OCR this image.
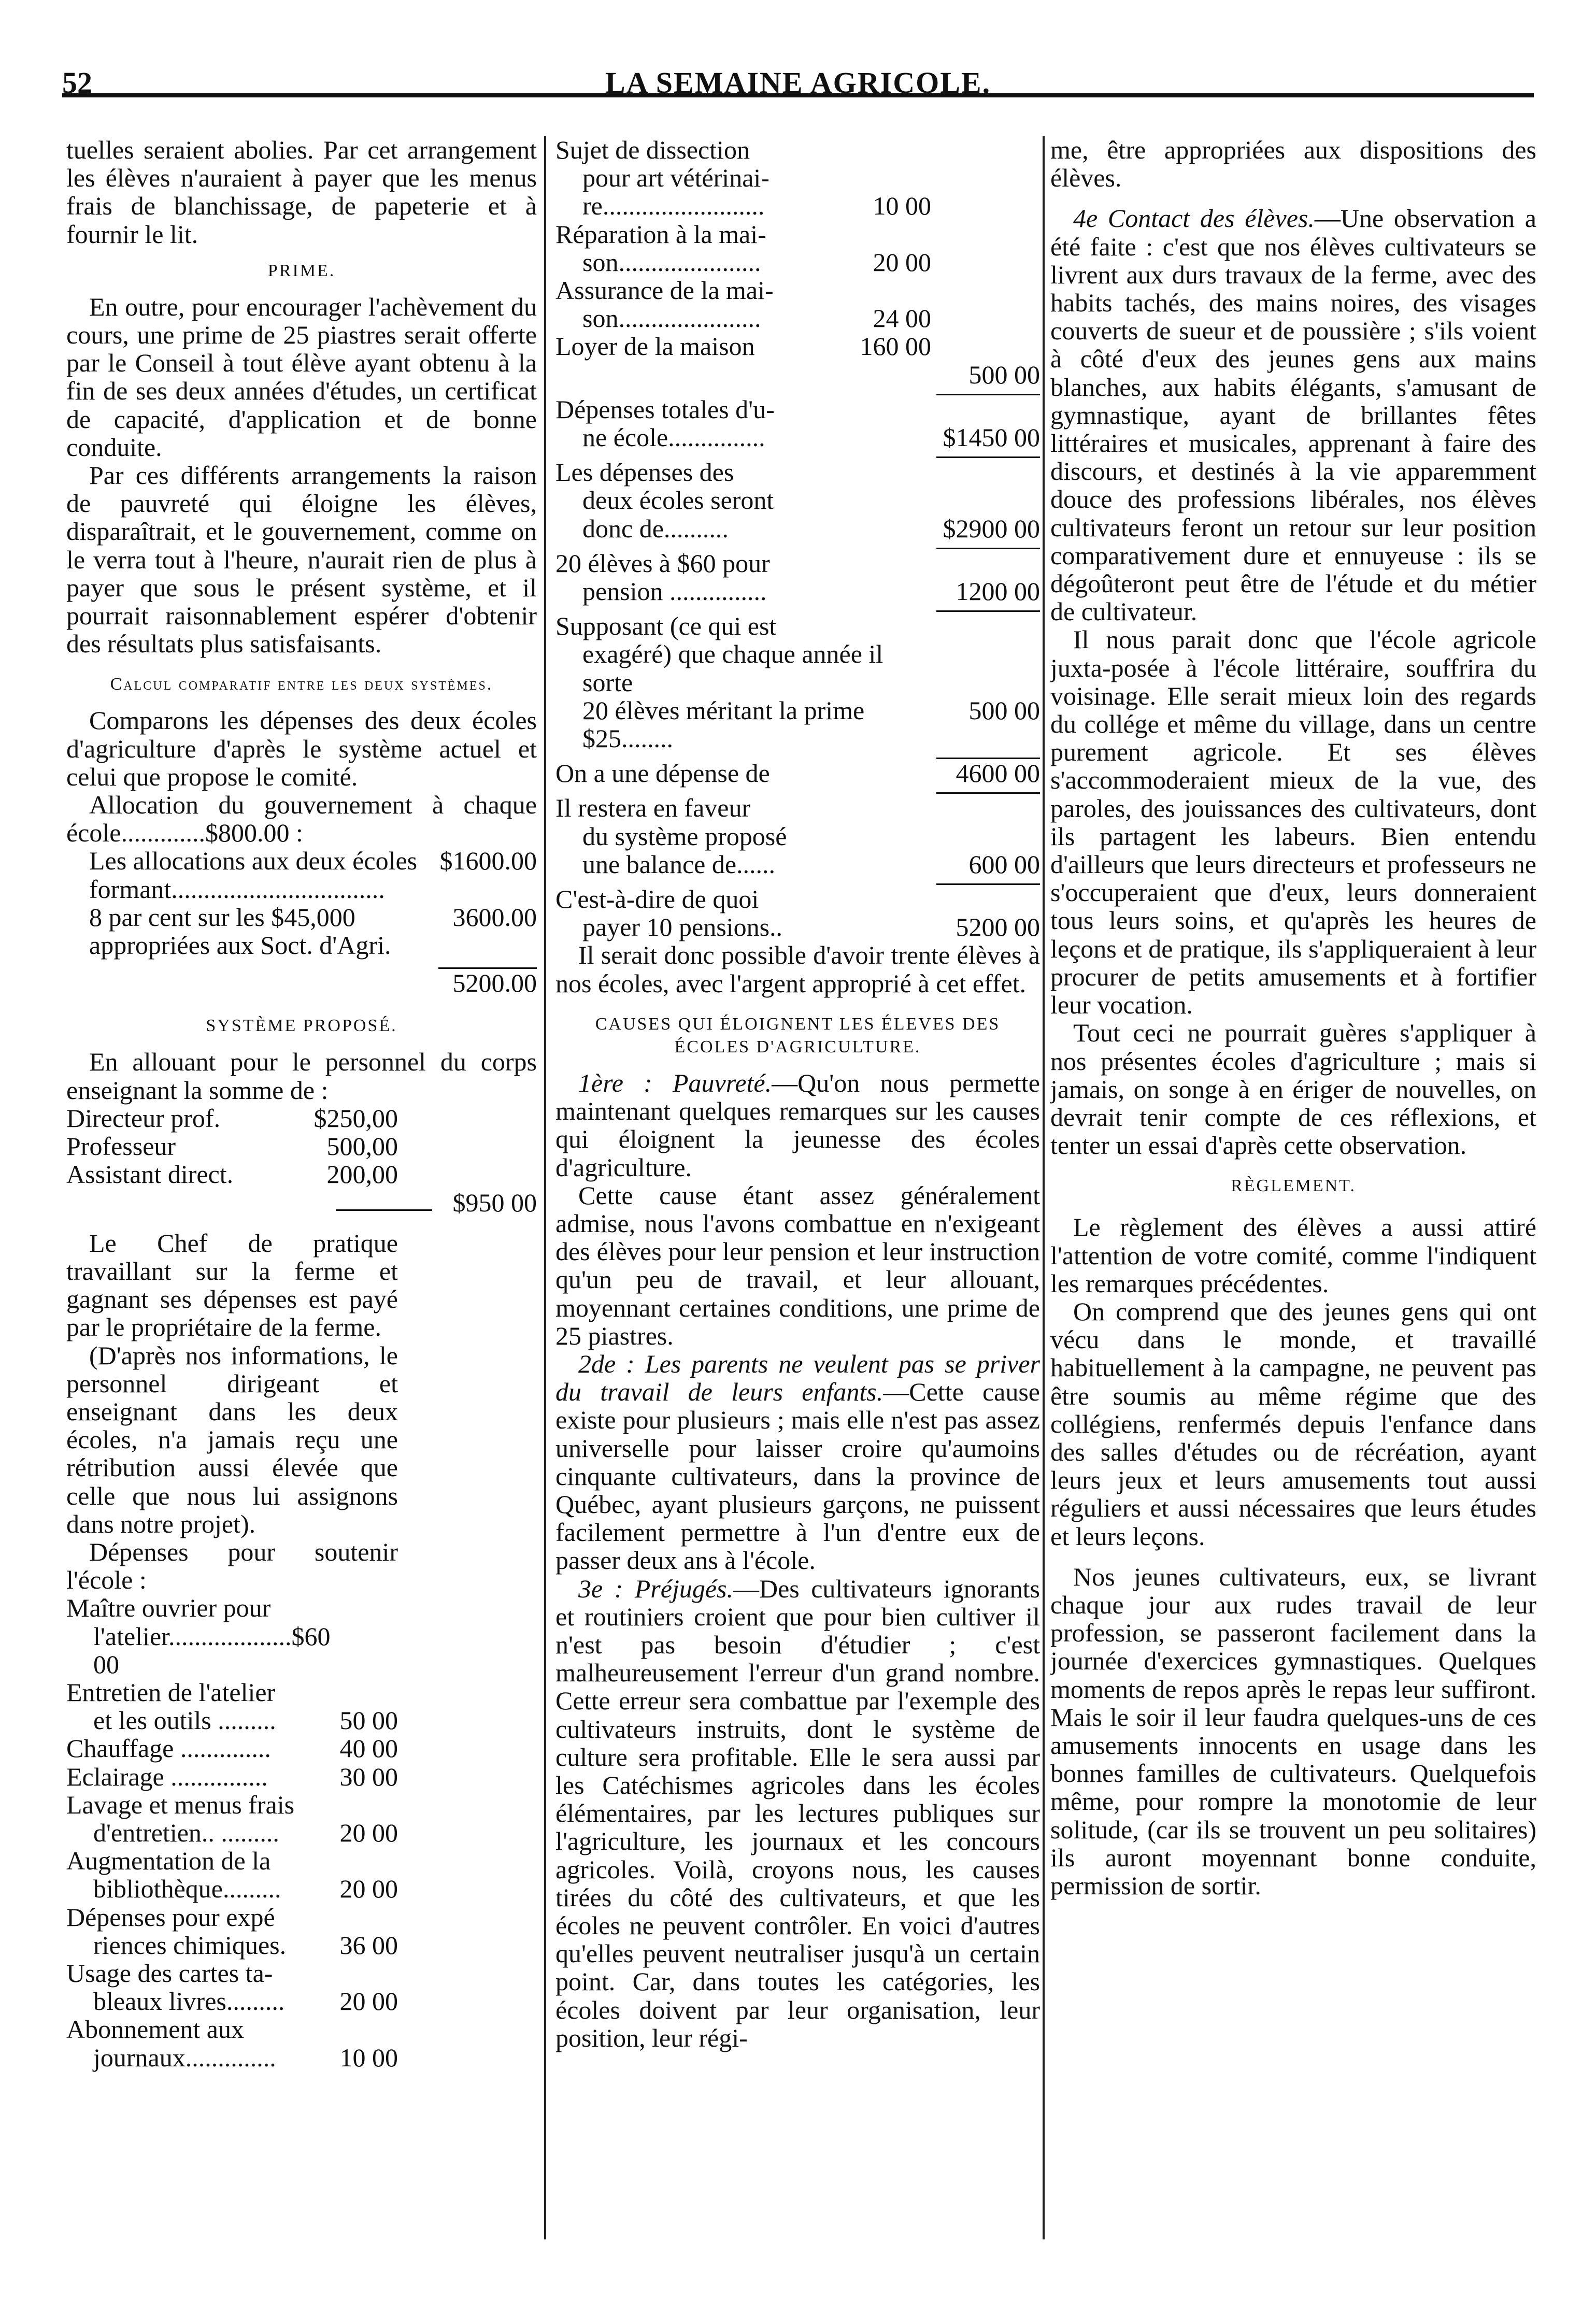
52	LA SEMAINE AGRICOLE.

tuelles seraient abolies. Par cet arrangement les élèves n'auraient à payer que les menus frais de blanchissage, de papeterie et à fournir le lit.

PRIME.

En outre, pour encourager l'achèvement du cours, une prime de 25 piastres serait offerte par le Conseil à tout élève ayant obtenu à la fin de ses deux années d'études, un certificat de capacité, d'application et de bonne conduite.

Par ces différents arrangements la raison de pauvreté qui éloigne les élèves, disparaîtrait, et le gouvernement, comme on le verra tout à l'heure, n'aurait rien de plus à payer que sous le présent système, et il pourrait raisonnablement espérer d'obtenir des résultats plus satisfaisants.

Calcul comparatif entre les deux systèmes.

Comparons les dépenses des deux écoles d'agriculture d'après le système actuel et celui que propose le comité.

Allocation du gouvernement à chaque école.............$800.00 :

Les allocations aux deux écoles formant.................................
$1600.00
8 par cent sur les $45,000 appropriées aux Soct. d'Agri.
3600.00
5200.00
SYSTÈME PROPOSÉ.

En allouant pour le personnel du corps enseignant la somme de :

Directeur prof.	$250,00
Professeur	500,00
Assistant direct.	200,00
$950 00

Le Chef de pratique travaillant sur la ferme et gagnant ses dépenses est payé par le propriétaire de la ferme.

(D'après nos informations, le personnel dirigeant et enseignant dans les deux écoles, n'a jamais reçu une rétribution aussi élevée que celle que nous lui assignons dans notre projet).

Dépenses pour soutenir l'école :

Maître ouvrier pour
l'atelier...................$60 00
Entretien de l'atelier
et les outils .........	50 00
Chauffage ..............	40 00
Eclairage ...............	30 00
Lavage et menus frais
d'entretien.. .........	20 00
Augmentation de la
bibliothèque.........	20 00
Dépenses pour expé
riences chimiques.	36 00
Usage des cartes ta-
bleaux livres.........	20 00
Abonnement aux
journaux..............	10 00
Sujet de dissection
pour art vétérinai-
re.........................	10 00
Réparation à la mai-
son......................	20 00
Assurance de la mai-
son......................	24 00
Loyer de la maison	160 00
500 00
Dépenses totales d'u-
ne école...............	$1450 00
Les dépenses des
deux écoles seront
donc de..........	$2900 00
20 élèves à $60 pour
pension ...............	1200 00
Supposant (ce qui est
exagéré) que chaque année il sorte
20 élèves méritant la prime $25........
500 00
On a une dépense de	4600 00
Il restera en faveur
du système proposé
une balance de......	600 00
C'est-à-dire de quoi
payer 10 pensions..	5200 00

Il serait donc possible d'avoir trente élèves à nos écoles, avec l'argent approprié à cet effet.

CAUSES QUI ÉLOIGNENT LES ÉLEVES DES ÉCOLES D'AGRICULTURE.

1ère : Pauvreté.—Qu'on nous permette maintenant quelques remarques sur les causes qui éloignent la jeunesse des écoles d'agriculture.

Cette cause étant assez généralement admise, nous l'avons combattue en n'exigeant des élèves pour leur pension et leur instruction qu'un peu de travail, et leur allouant, moyennant certaines conditions, une prime de 25 piastres.

2de : Les parents ne veulent pas se priver du travail de leurs enfants.—Cette cause existe pour plusieurs ; mais elle n'est pas assez universelle pour laisser croire qu'aumoins cinquante cultivateurs, dans la province de Québec, ayant plusieurs garçons, ne puissent facilement permettre à l'un d'entre eux de passer deux ans à l'école.

3e : Préjugés.—Des cultivateurs ignorants et routiniers croient que pour bien cultiver il n'est pas besoin d'étudier ; c'est malheureusement l'erreur d'un grand nombre. Cette erreur sera combattue par l'exemple des cultivateurs instruits, dont le système de culture sera profitable. Elle le sera aussi par les Catéchismes agricoles dans les écoles élémentaires, par les lectures publiques sur l'agriculture, les journaux et les concours agricoles. Voilà, croyons nous, les causes tirées du côté des cultivateurs, et que les écoles ne peuvent contrôler. En voici d'autres qu'elles peuvent neutraliser jusqu'à un certain point. Car, dans toutes les catégories, les écoles doivent par leur organisation, leur position, leur régi-

me, être appropriées aux dispositions des élèves.

4e Contact des élèves.—Une observation a été faite : c'est que nos élèves cultivateurs se livrent aux durs travaux de la ferme, avec des habits tachés, des mains noires, des visages couverts de sueur et de poussière ; s'ils voient à côté d'eux des jeunes gens aux mains blanches, aux habits élégants, s'amusant de gymnastique, ayant de brillantes fêtes littéraires et musicales, apprenant à faire des discours, et destinés à la vie apparemment douce des professions libérales, nos élèves cultivateurs feront un retour sur leur position comparativement dure et ennuyeuse : ils se dégoûteront peut être de l'étude et du métier de cultivateur.

Il nous parait donc que l'école agricole juxta-posée à l'école littéraire, souffrira du voisinage. Elle serait mieux loin des regards du collége et même du village, dans un centre purement agricole. Et ses élèves s'accommoderaient mieux de la vue, des paroles, des jouissances des cultivateurs, dont ils partagent les labeurs. Bien entendu d'ailleurs que leurs directeurs et professeurs ne s'occuperaient que d'eux, leurs donneraient tous leurs soins, et qu'après les heures de leçons et de pratique, ils s'appliqueraient à leur procurer de petits amusements et à fortifier leur vocation.

Tout ceci ne pourrait guères s'appliquer à nos présentes écoles d'agriculture ; mais si jamais, on songe à en ériger de nouvelles, on devrait tenir compte de ces réflexions, et tenter un essai d'après cette observation.

RÈGLEMENT.

Le règlement des élèves a aussi attiré l'attention de votre comité, comme l'indiquent les remarques précédentes.

On comprend que des jeunes gens qui ont vécu dans le monde, et travaillé habituellement à la campagne, ne peuvent pas être soumis au même régime que des collégiens, renfermés depuis l'enfance dans des salles d'études ou de récréation, ayant leurs jeux et leurs amusements tout aussi réguliers et aussi nécessaires que leurs études et leurs leçons.

Nos jeunes cultivateurs, eux, se livrant chaque jour aux rudes travail de leur profession, se passeront facilement dans la journée d'exercices gymnastiques. Quelques moments de repos après le repas leur suffiront. Mais le soir il leur faudra quelques-uns de ces amusements innocents en usage dans les bonnes familles de cultivateurs. Quelquefois même, pour rompre la monotomie de leur solitude, (car ils se trouvent un peu solitaires) ils auront moyennant bonne conduite, permission de sortir.
